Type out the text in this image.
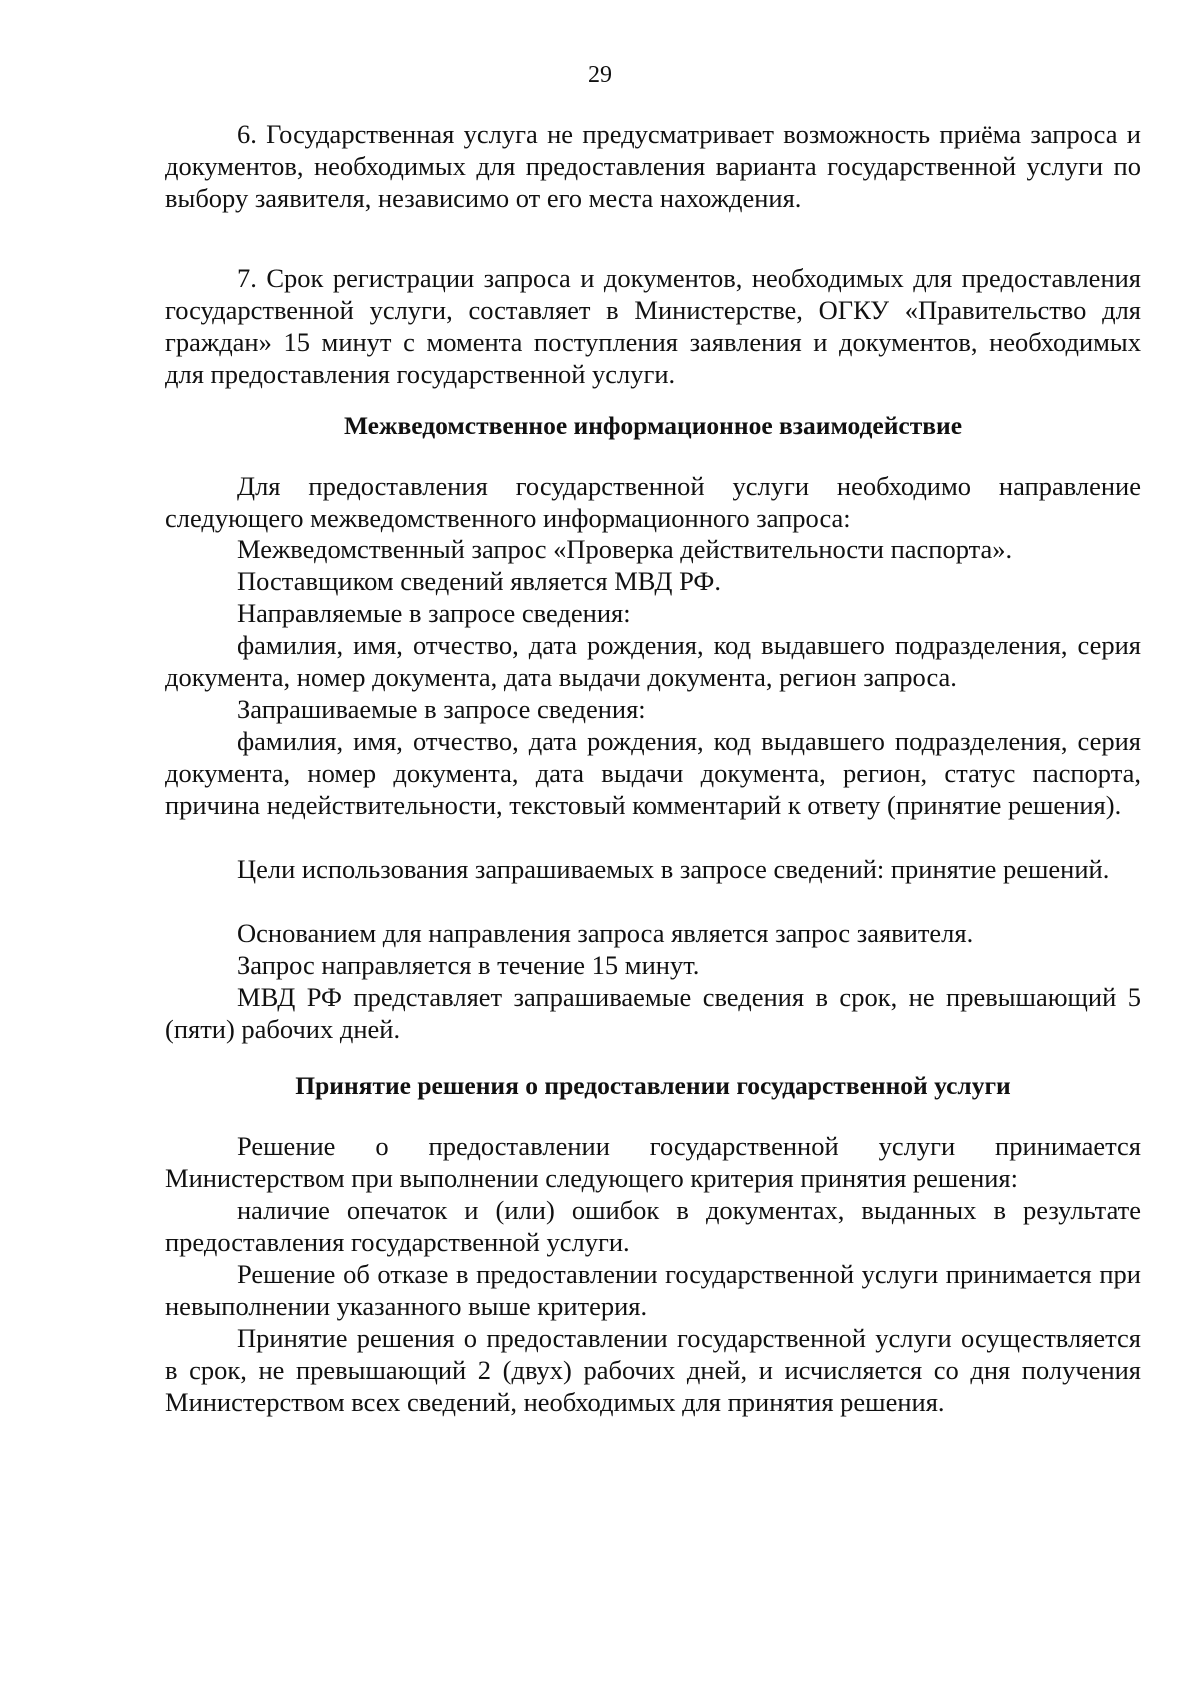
29
6. Государственная услуга не предусматривает возможность приёма запроса и документов, необходимых для предоставления варианта государственной услуги по выбору заявителя, независимо от его места нахождения.
7. Срок регистрации запроса и документов, необходимых для предоставления государственной услуги, составляет в Министерстве, ОГКУ «Правительство для граждан» 15 минут с момента поступления заявления и документов, необходимых для предоставления государственной услуги.
Межведомственное информационное взаимодействие
Для предоставления государственной услуги необходимо направление следующего межведомственного информационного запроса:
Межведомственный запрос «Проверка действительности паспорта».
Поставщиком сведений является МВД РФ.
Направляемые в запросе сведения:
фамилия, имя, отчество, дата рождения, код выдавшего подразделения, серия документа, номер документа, дата выдачи документа, регион запроса.
Запрашиваемые в запросе сведения:
фамилия, имя, отчество, дата рождения, код выдавшего подразделения, серия документа, номер документа, дата выдачи документа, регион, статус паспорта, причина недействительности, текстовый комментарий к ответу (принятие решения).
Цели использования запрашиваемых в запросе сведений: принятие решений.
Основанием для направления запроса является запрос заявителя.
Запрос направляется в течение 15 минут.
МВД РФ представляет запрашиваемые сведения в срок, не превышающий 5 (пяти) рабочих дней.
Принятие решения о предоставлении государственной услуги
Решение о предоставлении государственной услуги принимается Министерством при выполнении следующего критерия принятия решения:
наличие опечаток и (или) ошибок в документах, выданных в результате предоставления государственной услуги.
Решение об отказе в предоставлении государственной услуги принимается при невыполнении указанного выше критерия.
Принятие решения о предоставлении государственной услуги осуществляется в срок, не превышающий 2 (двух) рабочих дней, и исчисляется со дня получения Министерством всех сведений, необходимых для принятия решения.
